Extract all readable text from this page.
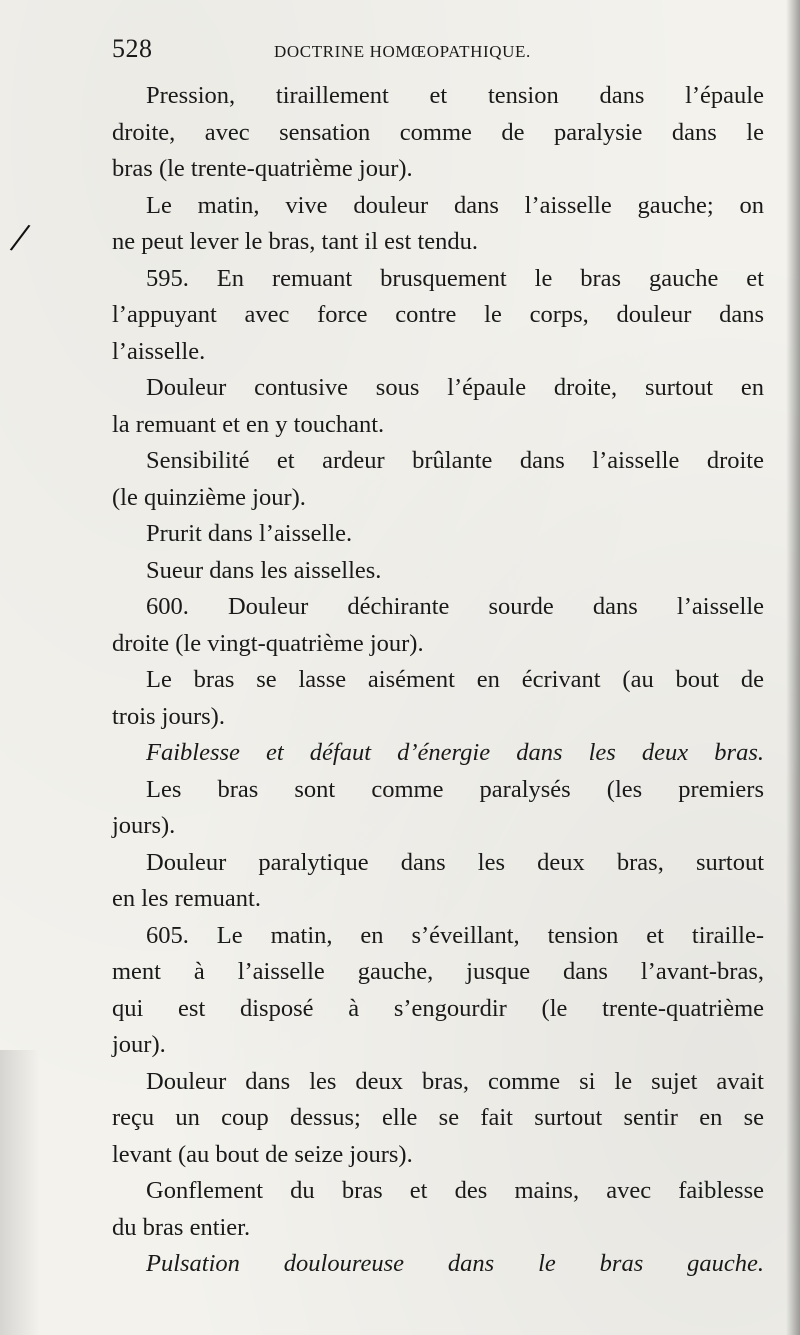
/
528	DOCTRINE HOMŒOPATHIQUE.
Pression, tiraillement et tension dans l’épaule
droite, avec sensation comme de paralysie dans le
bras (le trente-quatrième jour).
Le matin, vive douleur dans l’aisselle gauche; on
ne peut lever le bras, tant il est tendu.
595. En remuant brusquement le bras gauche et
l’appuyant avec force contre le corps, douleur dans
l’aisselle.
Douleur contusive sous l’épaule droite, surtout en
la remuant et en y touchant.
Sensibilité et ardeur brûlante dans l’aisselle droite
(le quinzième jour).
Prurit dans l’aisselle.
Sueur dans les aisselles.
600. Douleur déchirante sourde dans l’aisselle
droite (le vingt-quatrième jour).
Le bras se lasse aisément en écrivant (au bout de
trois jours).
Faiblesse et défaut d’énergie dans les deux bras.
Les bras sont comme paralysés (les premiers
jours).
Douleur paralytique dans les deux bras, surtout
en les remuant.
605. Le matin, en s’éveillant, tension et tiraille-
ment à l’aisselle gauche, jusque dans l’avant-bras,
qui est disposé à s’engourdir (le trente-quatrième
jour).
Douleur dans les deux bras, comme si le sujet avait
reçu un coup dessus; elle se fait surtout sentir en se
levant (au bout de seize jours).
Gonflement du bras et des mains, avec faiblesse
du bras entier.
Pulsation douloureuse dans le bras gauche.
